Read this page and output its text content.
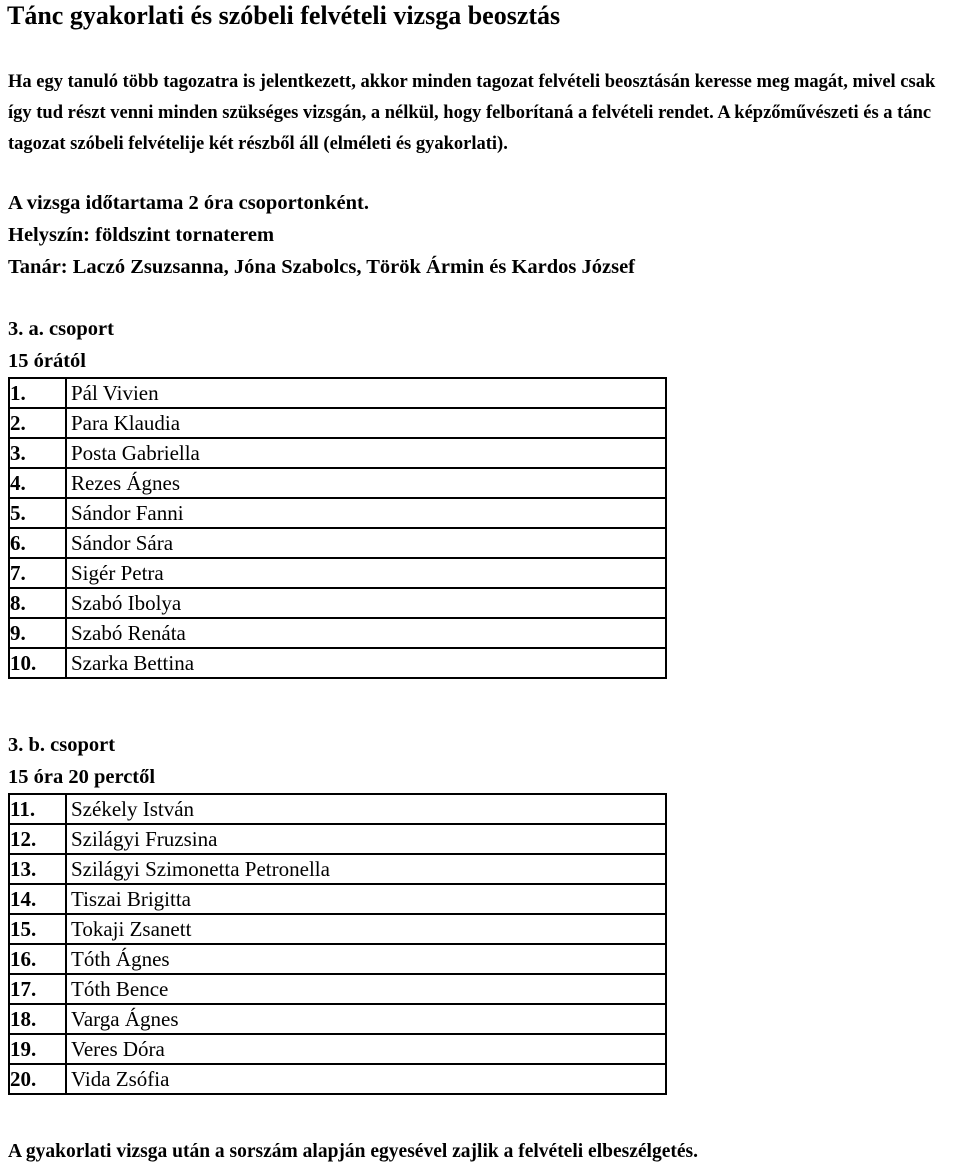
Tánc gyakorlati és szóbeli felvételi vizsga beosztás
Ha egy tanuló több tagozatra is jelentkezett, akkor minden tagozat felvételi beosztásán keresse meg magát, mivel csak így tud részt venni minden szükséges vizsgán, a nélkül, hogy felborítaná a felvételi rendet. A képzőművészeti és a tánc tagozat szóbeli felvételije két részből áll (elméleti és gyakorlati).
A vizsga időtartama 2 óra csoportonként.
Helyszín: földszint tornaterem
Tanár: Laczó Zsuzsanna, Jóna Szabolcs, Török Ármin és Kardos József
3. a. csoport
15 órától
1.	Pál Vivien
2.	Para Klaudia
3.	Posta Gabriella
4.	Rezes Ágnes
5.	Sándor Fanni
6.	Sándor Sára
7.	Sigér Petra
8.	Szabó Ibolya
9.	Szabó Renáta
10.	Szarka Bettina
3. b. csoport
15 óra 20 perctől
11.	Székely István
12.	Szilágyi Fruzsina
13.	Szilágyi Szimonetta Petronella
14.	Tiszai Brigitta
15.	Tokaji Zsanett
16.	Tóth Ágnes
17.	Tóth Bence
18.	Varga Ágnes
19.	Veres Dóra
20.	Vida Zsófia
A gyakorlati vizsga után a sorszám alapján egyesével zajlik a felvételi elbeszélgetés.
